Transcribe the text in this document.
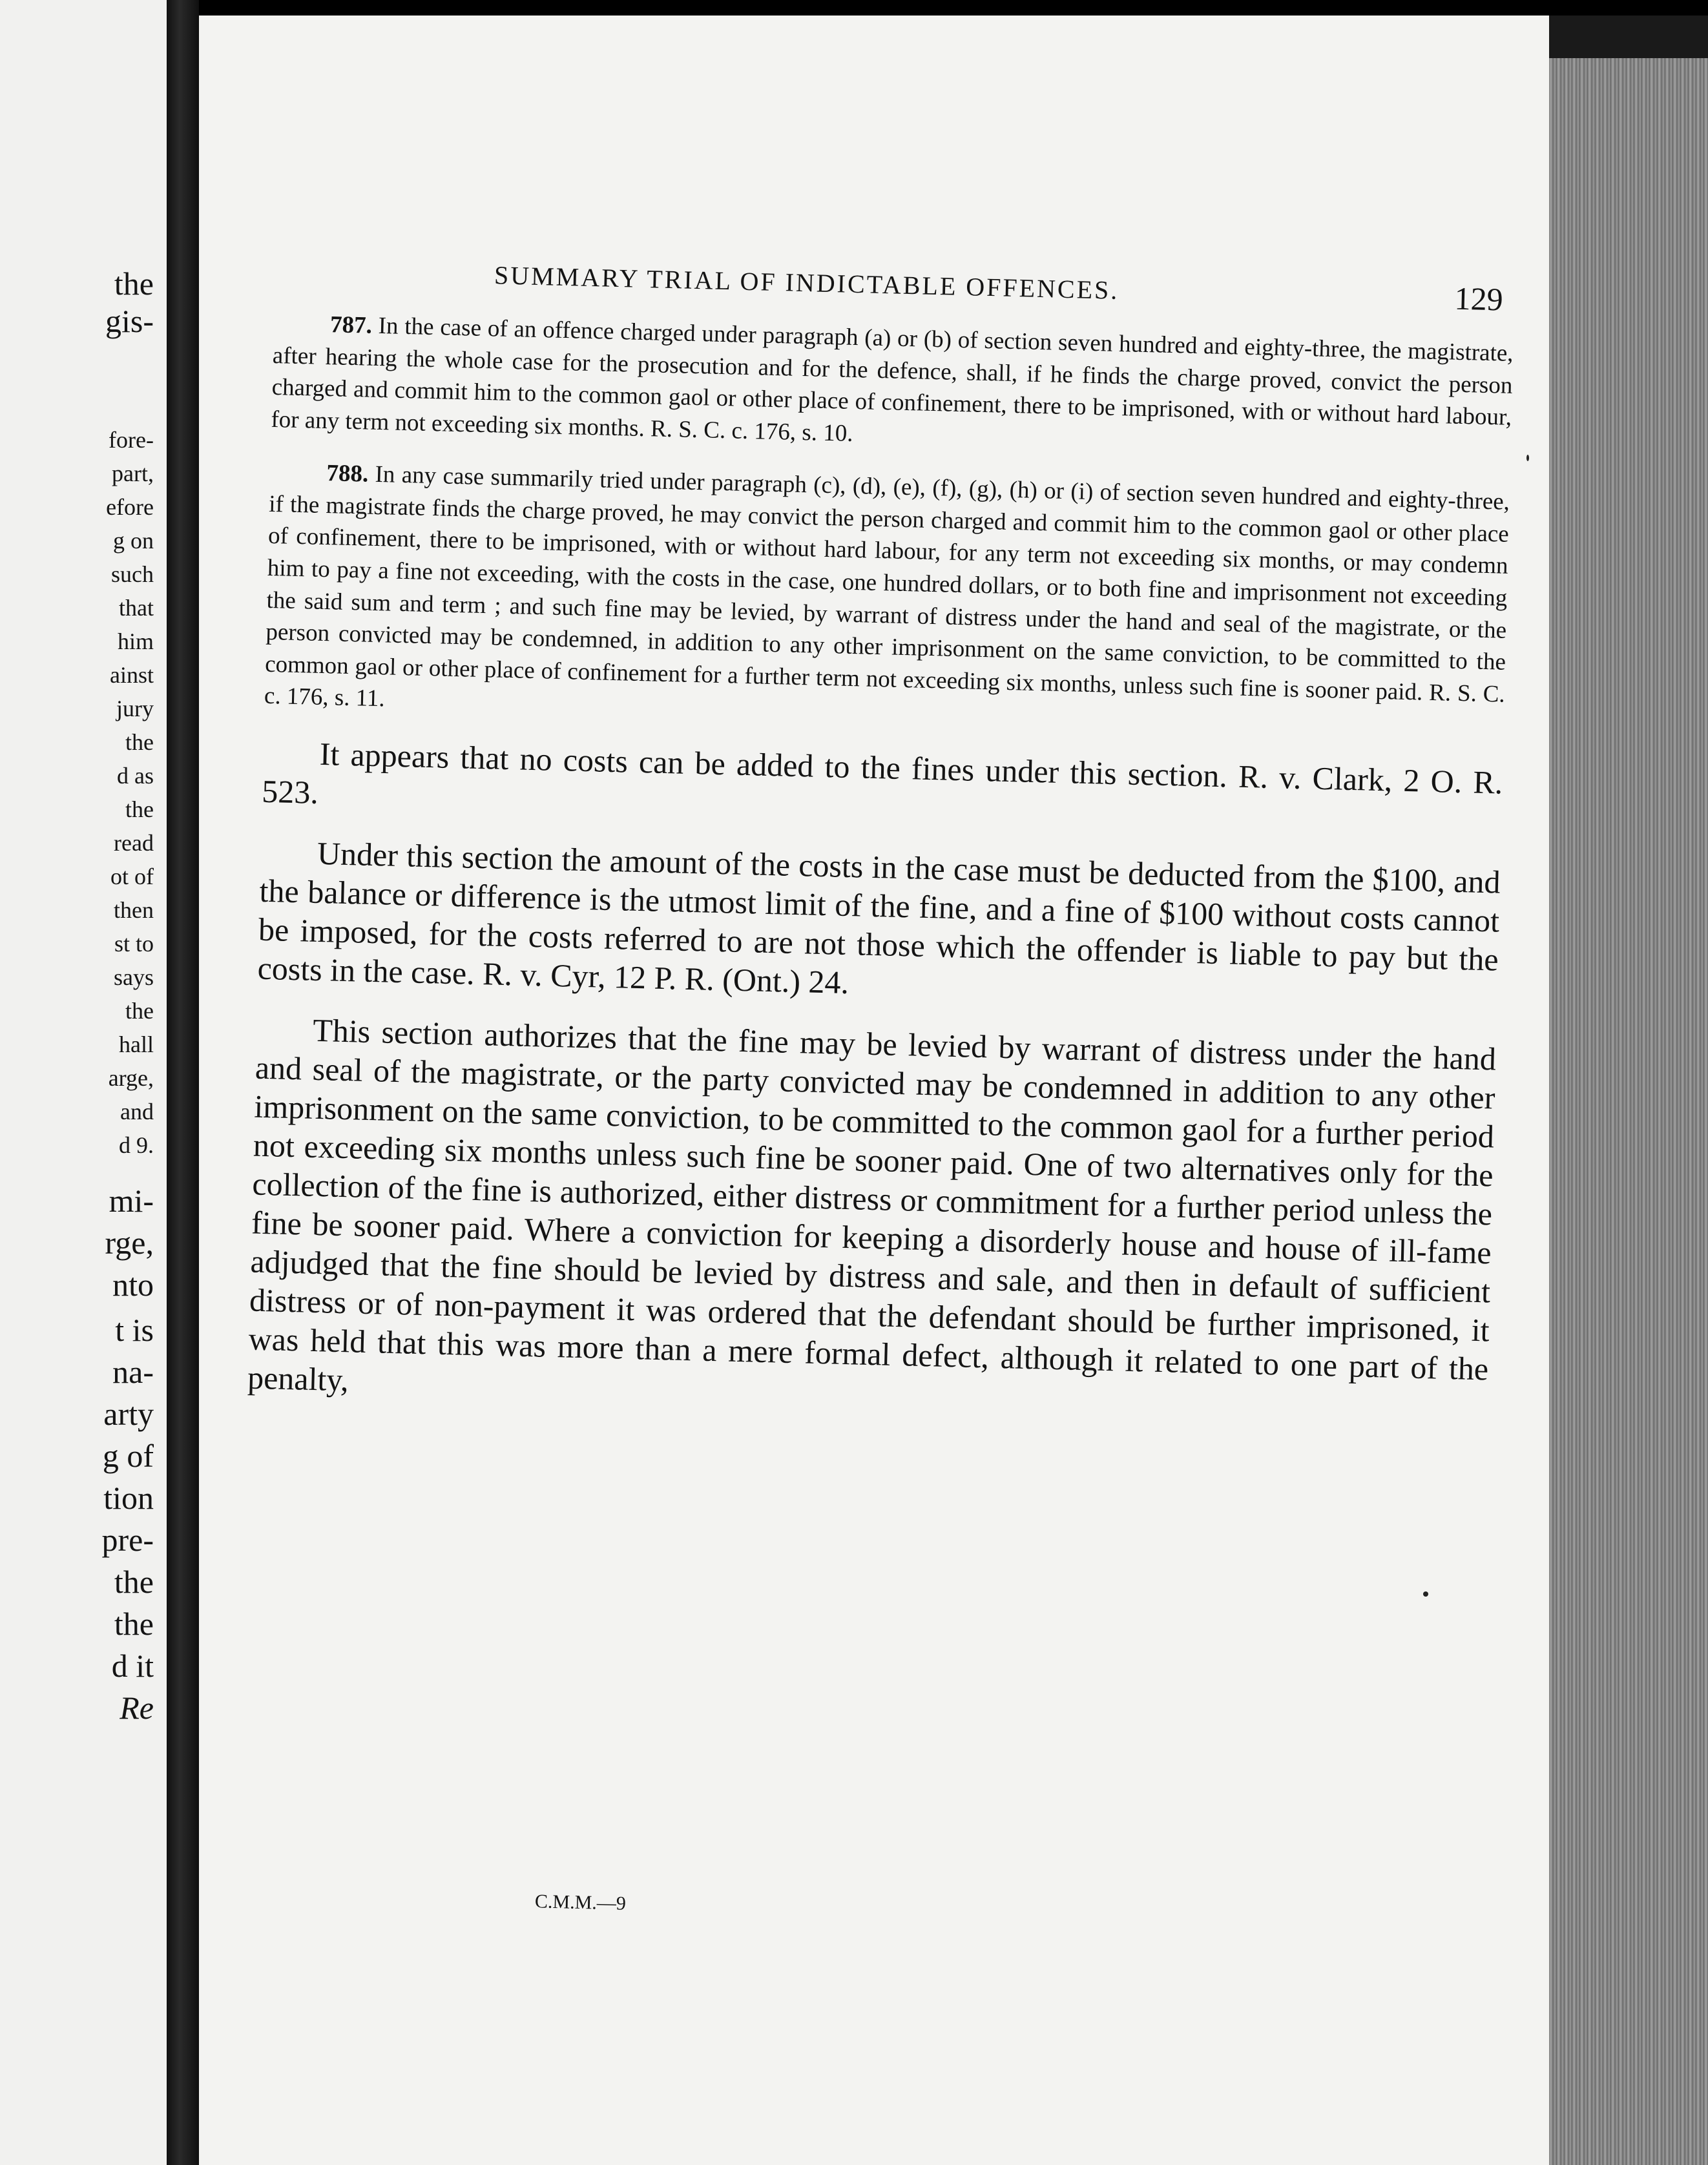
the
gis-
fore-
part,
efore
g on
such
that
him
ainst
jury
the
d as
the
read
ot of
then
st to
says
the
hall
arge,
and
d 9.
mi-
rge,
nto
t is
na-
arty
g of
tion
pre-
the
the
d it
Re
SUMMARY TRIAL OF INDICTABLE OFFENCES.	129

787. In the case of an offence charged under paragraph (a) or (b) of section seven hundred and eighty-three, the magistrate, after hearing the whole case for the prosecution and for the defence, shall, if he finds the charge proved, convict the person charged and commit him to the common gaol or other place of confinement, there to be imprisoned, with or without hard labour, for any term not exceeding six months. R. S. C. c. 176, s. 10.

788. In any case summarily tried under paragraph (c), (d), (e), (f), (g), (h) or (i) of section seven hundred and eighty-three, if the magistrate finds the charge proved, he may convict the person charged and commit him to the common gaol or other place of confinement, there to be imprisoned, with or without hard labour, for any term not exceeding six months, or may condemn him to pay a fine not exceeding, with the costs in the case, one hundred dollars, or to both fine and imprisonment not exceeding the said sum and term ; and such fine may be levied, by warrant of distress under the hand and seal of the magistrate, or the person convicted may be condemned, in addition to any other imprisonment on the same conviction, to be committed to the common gaol or other place of confinement for a further term not exceeding six months, unless such fine is sooner paid. R. S. C. c. 176, s. 11.

It appears that no costs can be added to the fines under this section. R. v. Clark, 2 O. R. 523.

Under this section the amount of the costs in the case must be deducted from the $100, and the balance or difference is the utmost limit of the fine, and a fine of $100 without costs cannot be imposed, for the costs referred to are not those which the offender is liable to pay but the costs in the case. R. v. Cyr, 12 P. R. (Ont.) 24.

This section authorizes that the fine may be levied by warrant of distress under the hand and seal of the magistrate, or the party convicted may be condemned in addition to any other imprisonment on the same conviction, to be committed to the common gaol for a further period not exceeding six months unless such fine be sooner paid. One of two alternatives only for the collection of the fine is authorized, either distress or commitment for a further period unless the fine be sooner paid. Where a conviction for keeping a disorderly house and house of ill-fame adjudged that the fine should be levied by distress and sale, and then in default of sufficient distress or of non-payment it was ordered that the defendant should be further imprisoned, it was held that this was more than a mere formal defect, although it related to one part of the penalty,

C.M.M.—9
